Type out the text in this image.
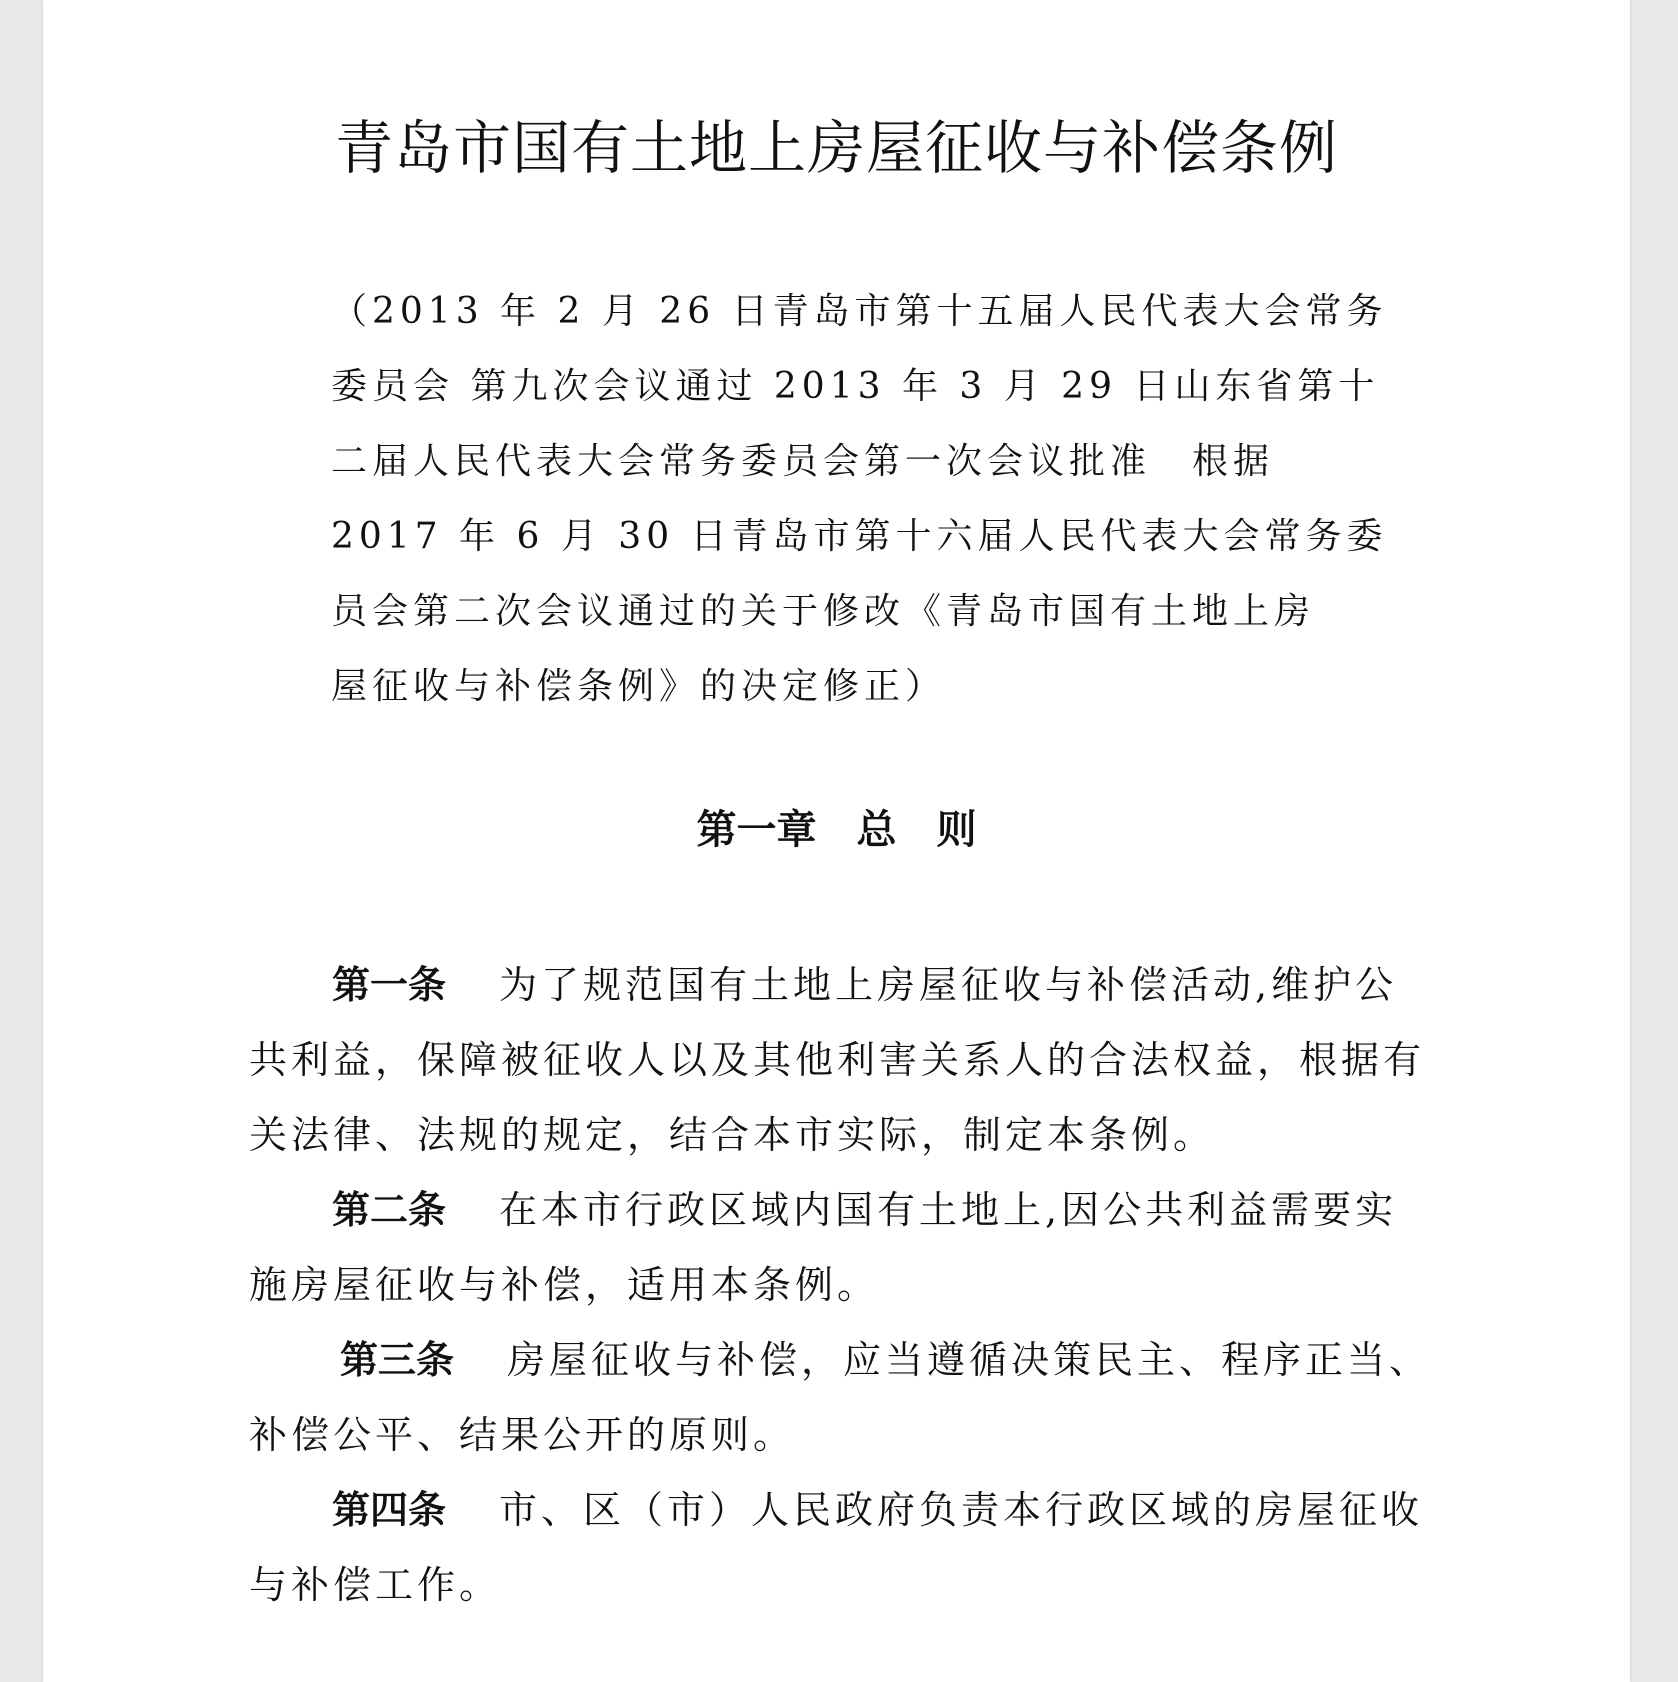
青岛市国有土地上房屋征收与补偿条例
（2013 年 2 月 26 日青岛市第十五届人民代表大会常务
委员会 第九次会议通过 2013 年 3 月 29 日山东省第十
二届人民代表大会常务委员会第一次会议批准　根据
2017 年 6 月 30 日青岛市第十六届人民代表大会常务委
员会第二次会议通过的关于修改《青岛市国有土地上房
屋征收与补偿条例》的决定修正）
第一章　总　则
第一条 为了规范国有土地上房屋征收与补偿活动,维护公
共利益，保障被征收人以及其他利害关系人的合法权益，根据有
关法律、法规的规定，结合本市实际，制定本条例。
第二条 在本市行政区域内国有土地上,因公共利益需要实
施房屋征收与补偿，适用本条例。
第三条 房屋征收与补偿，应当遵循决策民主、程序正当、
补偿公平、结果公开的原则。
第四条 市、区（市）人民政府负责本行政区域的房屋征收
与补偿工作。
